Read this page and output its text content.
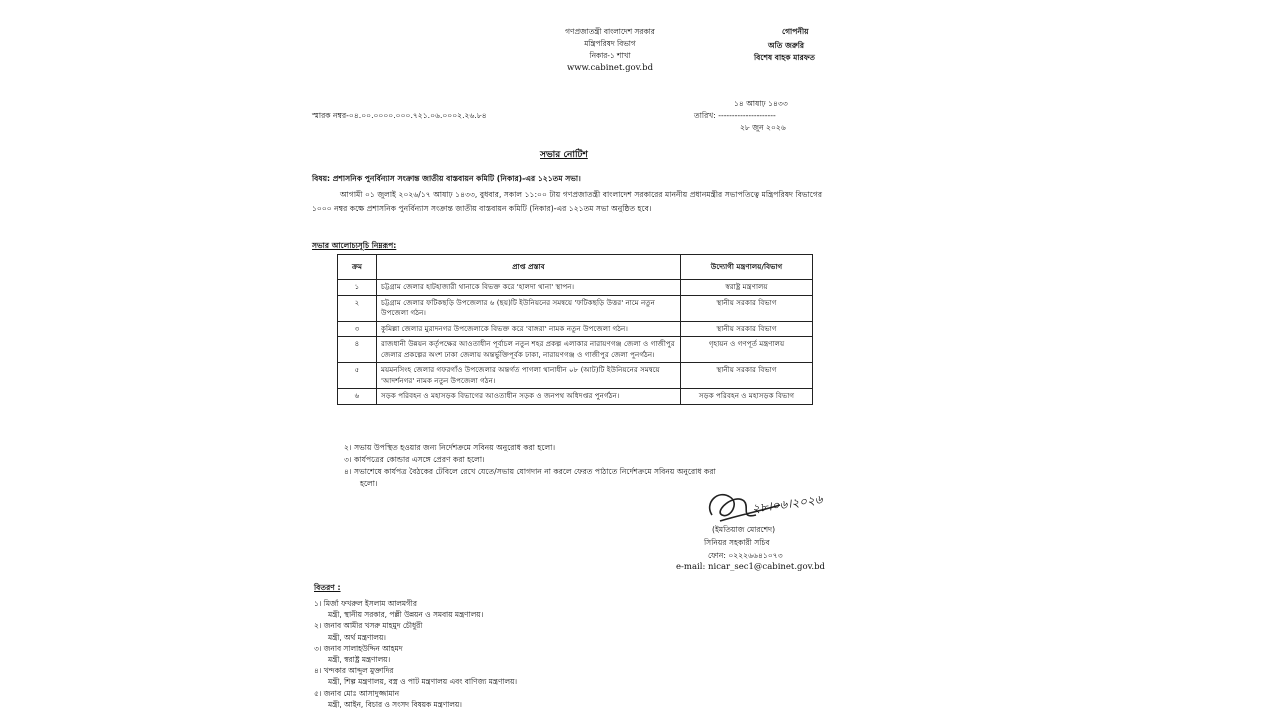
গণপ্রজাতন্ত্রী বাংলাদেশ সরকার
মন্ত্রিপরিষদ বিভাগ
নিকার-১ শাখা
www.cabinet.gov.bd
গোপনীয়
অতি জরুরি
বিশেষ বাহক মারফত
১৪ আষাঢ় ১৪৩৩
স্মারক নম্বর-০৪.০০.০০০০.০০০.৭২১.০৬.০০০২.২৬.৮৪	তারিখ: ---------------------
২৮ জুন ২০২৬
সভার নোটিশ
বিষয়: প্রশাসনিক পুনর্বিন্যাস সংক্রান্ত জাতীয় বাস্তবায়ন কমিটি (নিকার)-এর ১২১তম সভা।
আগামী ০১ জুলাই ২০২৬/১৭ আষাঢ় ১৪৩৩, বুধবার, সকাল ১১:০০ টায় গণপ্রজাতন্ত্রী বাংলাদেশ সরকারের মাননীয় প্রধানমন্ত্রীর সভাপতিত্বে মন্ত্রিপরিষদ বিভাগের ১০০০ নম্বর কক্ষে প্রশাসনিক পুনর্বিন্যাস সংক্রান্ত জাতীয় বাস্তবায়ন কমিটি (নিকার)-এর ১২১তম সভা অনুষ্ঠিত হবে।
সভার আলোচ্যসূচি নিম্নরূপ:
ক্রম	প্রাপ্ত প্রস্তাব	উদ্যোগী মন্ত্রণালয়/বিভাগ
১	চট্টগ্রাম জেলার হাটহাজারী থানাকে বিভক্ত করে 'হালদা থানা' স্থাপন।	স্বরাষ্ট্র মন্ত্রণালয়
২	চট্টগ্রাম জেলার ফটিকছড়ি উপজেলার ৬ (ছয়)টি ইউনিয়নের সমন্বয়ে 'ফটিকছড়ি উত্তর' নামে নতুন উপজেলা গঠন।	স্থানীয় সরকার বিভাগ
৩	কুমিল্লা জেলার মুরাদনগর উপজেলাকে বিভক্ত করে 'বাঙ্গরা' নামক নতুন উপজেলা গঠন।	স্থানীয় সরকার বিভাগ
৪	রাজধানী উন্নয়ন কর্তৃপক্ষের আওতাধীন পূর্বাচল নতুন শহর প্রকল্প এলাকার নারায়ণগঞ্জ জেলা ও গাজীপুর জেলার প্রকল্পের অংশ ঢাকা জেলায় অন্তর্ভুক্তিপূর্বক ঢাকা, নারায়ণগঞ্জ ও গাজীপুর জেলা পুনর্গঠন।	গৃহায়ন ও গণপূর্ত মন্ত্রণালয়
৫	ময়মনসিংহ জেলার গফরগাঁও উপজেলার অন্তর্গত পাগলা থানাধীন ০৮ (আট)টি ইউনিয়নের সমন্বয়ে 'আদর্শনগর' নামক নতুন উপজেলা গঠন।	স্থানীয় সরকার বিভাগ
৬	সড়ক পরিবহন ও মহাসড়ক বিভাগের আওতাধীন সড়ক ও জনপথ অধিদপ্তর পুনর্গঠন।	সড়ক পরিবহন ও মহাসড়ক বিভাগ
২। সভায় উপস্থিত হওয়ার জন্য নির্দেশক্রমে সবিনয় অনুরোধ করা হলো।
৩। কার্যপত্রের কোন্ডার এসঙ্গে প্রেরণ করা হলো।
৪। সভাশেষে কার্যপত্র বৈঠকের টেবিলে রেখে যেতে/সভায় যোগদান না করলে ফেরত পাঠাতে নির্দেশক্রমে সবিনয় অনুরোধ করা
হলো।
২৮।০৬।২০২৬
(ইমতিয়াজ মোরশেদ)
সিনিয়র সহকারী সচিব
ফোন: ০২২২৬৬৪১০৭৩
e-mail: nicar_sec1@cabinet.gov.bd
বিতরণ :
১। মির্জা ফখরুল ইসলাম আলমগীর
মন্ত্রী, স্থানীয় সরকার, পল্লী উন্নয়ন ও সমবায় মন্ত্রণালয়।
২। জনাব আমীর খসরু মাহমুদ চৌধুরী
মন্ত্রী, অর্থ মন্ত্রণালয়।
৩। জনাব সালাহউদ্দিন আহমদ
মন্ত্রী, স্বরাষ্ট্র মন্ত্রণালয়।
৪। খন্দকার আব্দুল মুক্তাদির
মন্ত্রী, শিল্প মন্ত্রণালয়, বস্ত্র ও পাট মন্ত্রণালয় এবং বাণিজ্য মন্ত্রণালয়।
৫। জনাব মোঃ আসাদুজ্জামান
মন্ত্রী, আইন, বিচার ও সংসদ বিষয়ক মন্ত্রণালয়।
